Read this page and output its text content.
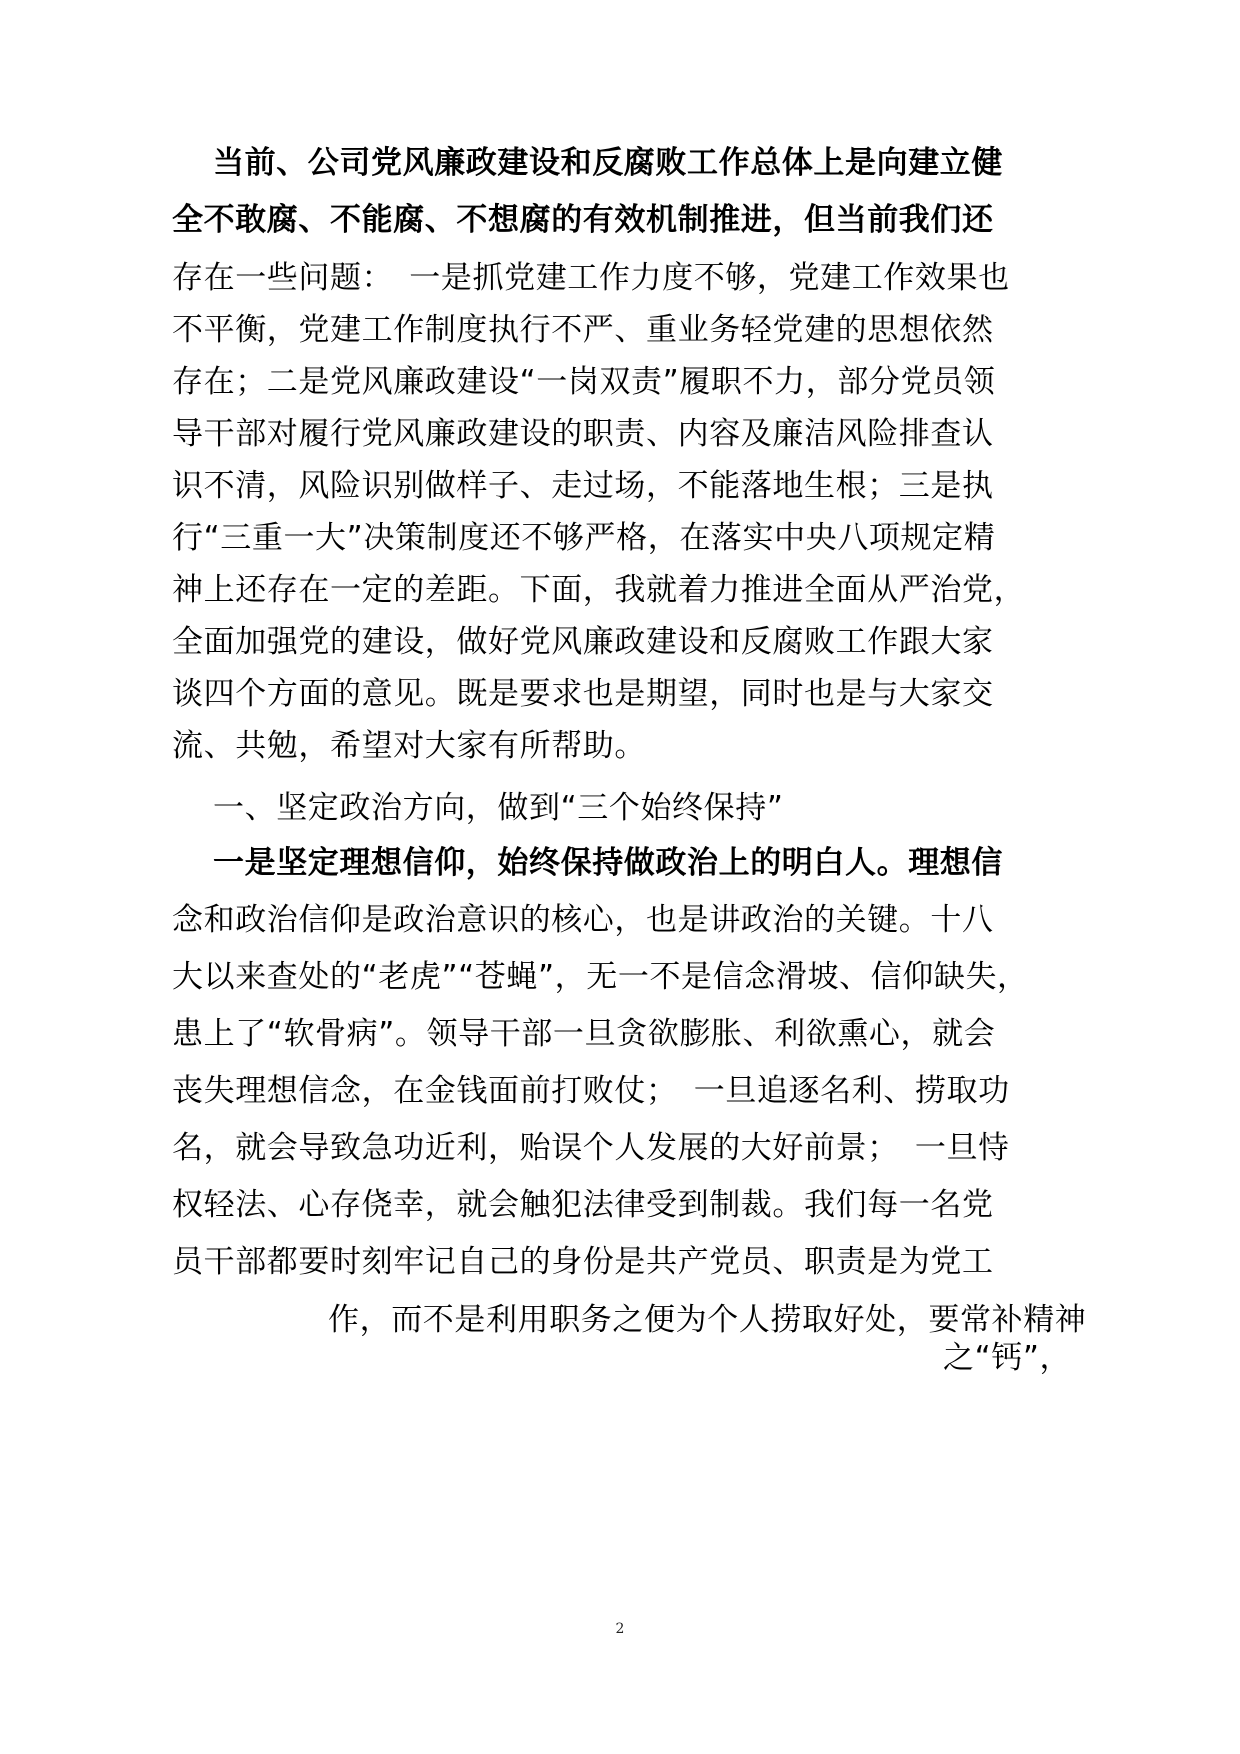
当前、公司党风廉政建设和反腐败工作总体上是向建立健
全不敢腐、不能腐、不想腐的有效机制推进，但当前我们还
存在一些问题：　一是抓党建工作力度不够，党建工作效果也
不平衡，党建工作制度执行不严、重业务轻党建的思想依然
存在；二是党风廉政建设“一岗双责”履职不力，部分党员领
导干部对履行党风廉政建设的职责、内容及廉洁风险排查认
识不清，风险识别做样子、走过场，不能落地生根；三是执
行“三重一大”决策制度还不够严格，在落实中央八项规定精
神上还存在一定的差距。下面，我就着力推进全面从严治党，
全面加强党的建设，做好党风廉政建设和反腐败工作跟大家
谈四个方面的意见。既是要求也是期望，同时也是与大家交
流、共勉，希望对大家有所帮助。
一、坚定政治方向，做到“三个始终保持”
一是坚定理想信仰，始终保持做政治上的明白人。理想信
念和政治信仰是政治意识的核心，也是讲政治的关键。十八
大以来查处的“老虎”“苍蝇”，无一不是信念滑坡、信仰缺失，
患上了“软骨病”。领导干部一旦贪欲膨胀、利欲熏心，就会
丧失理想信念，在金钱面前打败仗；　一旦追逐名利、捞取功
名，就会导致急功近利，贻误个人发展的大好前景；　一旦恃
权轻法、心存侥幸，就会触犯法律受到制裁。我们每一名党
员干部都要时刻牢记自己的身份是共产党员、职责是为党工
作，而不是利用职务之便为个人捞取好处，要常补精神
之“钙”，
2
